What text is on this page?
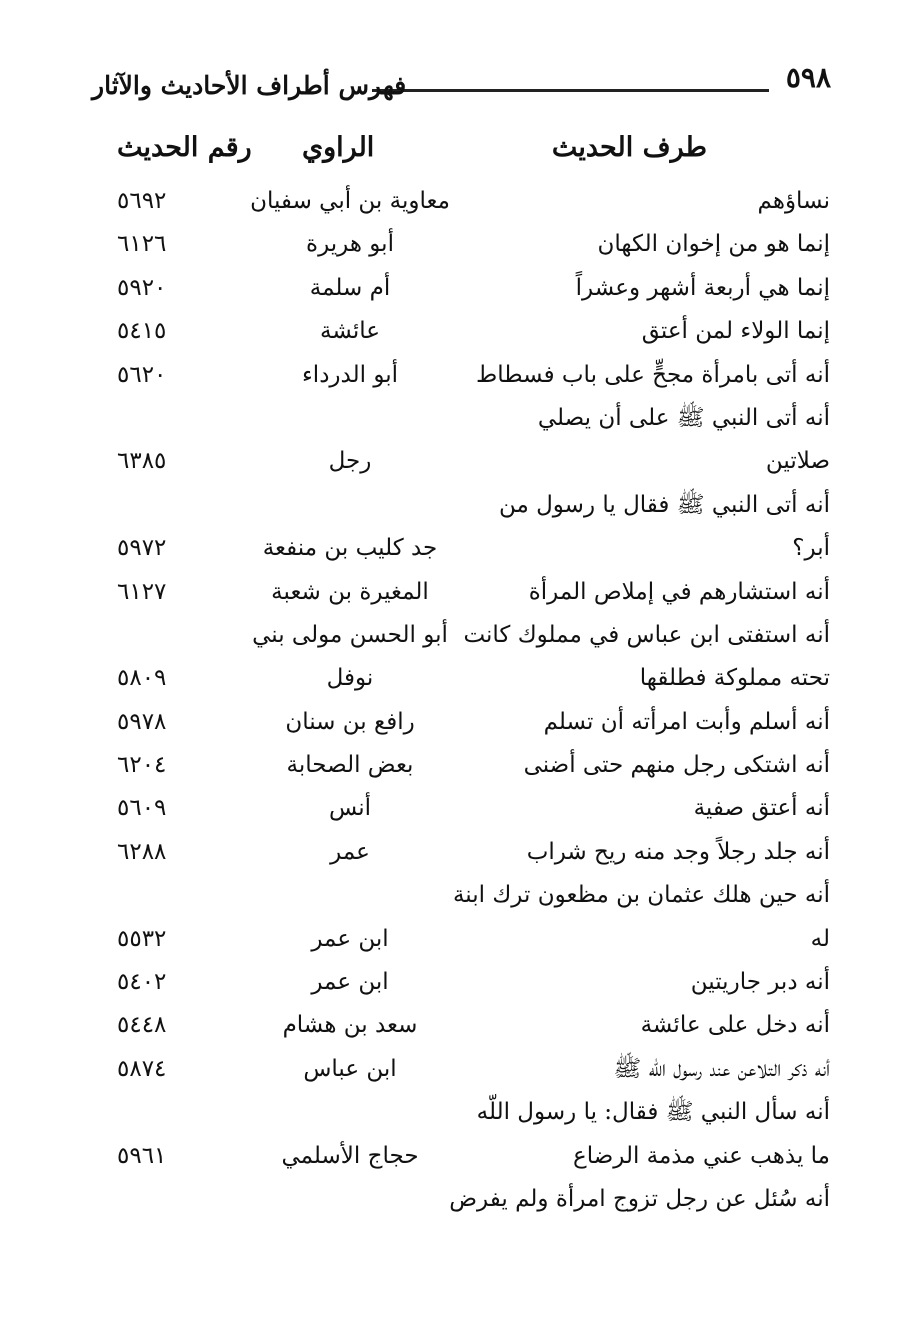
٥٩٨
فهرس أطراف الأحاديث والآثار
طرف الحديث
الراوي
رقم الحديث
نساؤهم
معاوية بن أبي سفيان
٥٦٩٢
إنما هو من إخوان الكهان
أبو هريرة
٦١٢٦
إنما هي أربعة أشهر وعشراً
أم سلمة
٥٩٢٠
إنما الولاء لمن أعتق
عائشة
٥٤١٥
أنه أتى بامرأة مجحٍّ على باب فسطاط
أبو الدرداء
٥٦٢٠
أنه أتى النبي ﷺ على أن يصلي
صلاتين
رجل
٦٣٨٥
أنه أتى النبي ﷺ فقال يا رسول من
أبر؟
جد كليب بن منفعة
٥٩٧٢
أنه استشارهم في إملاص المرأة
المغيرة بن شعبة
٦١٢٧
أنه استفتى ابن عباس في مملوك كانت
أبو الحسن مولى بني
تحته مملوكة فطلقها
نوفل
٥٨٠٩
أنه أسلم وأبت امرأته أن تسلم
رافع بن سنان
٥٩٧٨
أنه اشتكى رجل منهم حتى أضنى
بعض الصحابة
٦٢٠٤
أنه أعتق صفية
أنس
٥٦٠٩
أنه جلد رجلاً وجد منه ريح شراب
عمر
٦٢٨٨
أنه حين هلك عثمان بن مظعون ترك ابنة
له
ابن عمر
٥٥٣٢
أنه دبر جاريتين
ابن عمر
٥٤٠٢
أنه دخل على عائشة
سعد بن هشام
٥٤٤٨
أنه ذكر التلاعن عند رسول اللّه ﷺ
ابن عباس
٥٨٧٤
أنه سأل النبي ﷺ فقال: يا رسول اللّه
ما يذهب عني مذمة الرضاع
حجاج الأسلمي
٥٩٦١
أنه سُئل عن رجل تزوج امرأة ولم يفرض
